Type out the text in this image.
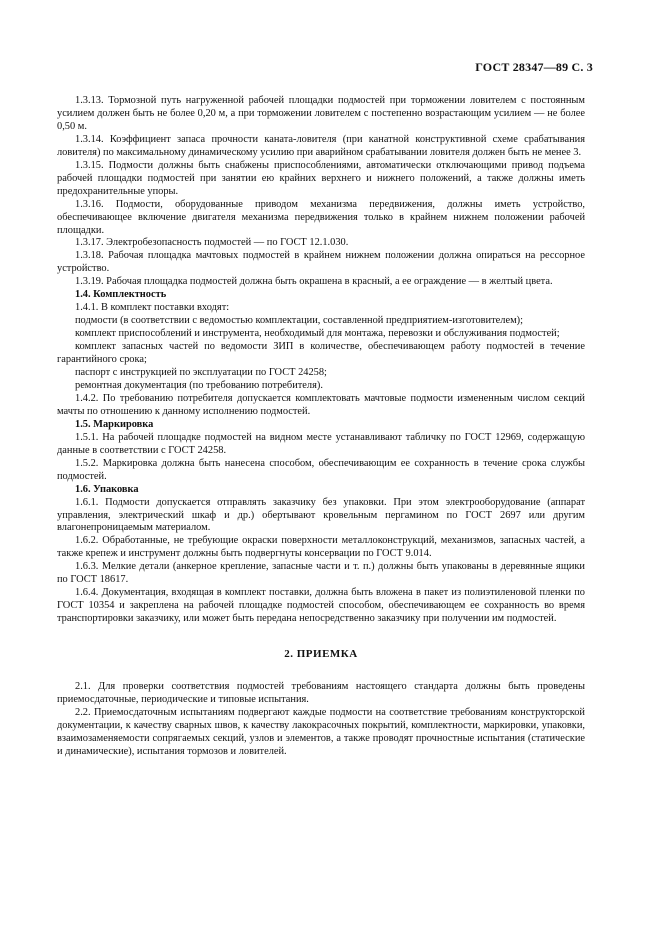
ГОСТ 28347—89 С. 3

1.3.13. Тормозной путь нагруженной рабочей площадки подмостей при торможении ловителем с постоянным усилием должен быть не более 0,20 м, а при торможении ловителем с постепенно возрастающим усилием — не более 0,50 м.

1.3.14. Коэффициент запаса прочности каната-ловителя (при канатной конструктивной схеме срабатывания ловителя) по максимальному динамическому усилию при аварийном срабатывании ловителя должен быть не менее 3.

1.3.15. Подмости должны быть снабжены приспособлениями, автоматически отключающими привод подъема рабочей площадки подмостей при занятии ею крайних верхнего и нижнего положений, а также должны иметь предохранительные упоры.

1.3.16. Подмости, оборудованные приводом механизма передвижения, должны иметь устройство, обеспечивающее включение двигателя механизма передвижения только в крайнем нижнем положении рабочей площадки.

1.3.17. Электробезопасность подмостей — по ГОСТ 12.1.030.

1.3.18. Рабочая площадка мачтовых подмостей в крайнем нижнем положении должна опираться на рессорное устройство.

1.3.19. Рабочая площадка подмостей должна быть окрашена в красный, а ее ограждение — в желтый цвета.

1.4. Комплектность

1.4.1. В комплект поставки входят:

подмости (в соответствии с ведомостью комплектации, составленной предприятием-изготовителем);

комплект приспособлений и инструмента, необходимый для монтажа, перевозки и обслуживания подмостей;

комплект запасных частей по ведомости ЗИП в количестве, обеспечивающем работу подмостей в течение гарантийного срока;

паспорт с инструкцией по эксплуатации по ГОСТ 24258;

ремонтная документация (по требованию потребителя).

1.4.2. По требованию потребителя допускается комплектовать мачтовые подмости измененным числом секций мачты по отношению к данному исполнению подмостей.

1.5. Маркировка

1.5.1. На рабочей площадке подмостей на видном месте устанавливают табличку по ГОСТ 12969, содержащую данные в соответствии с ГОСТ 24258.

1.5.2. Маркировка должна быть нанесена способом, обеспечивающим ее сохранность в течение срока службы подмостей.

1.6. Упаковка

1.6.1. Подмости допускается отправлять заказчику без упаковки. При этом электрооборудование (аппарат управления, электрический шкаф и др.) обертывают кровельным пергамином по ГОСТ 2697 или другим влагонепроницаемым материалом.

1.6.2. Обработанные, не требующие окраски поверхности металлоконструкций, механизмов, запасных частей, а также крепеж и инструмент должны быть подвергнуты консервации по ГОСТ 9.014.

1.6.3. Мелкие детали (анкерное крепление, запасные части и т. п.) должны быть упакованы в деревянные ящики по ГОСТ 18617.

1.6.4. Документация, входящая в комплект поставки, должна быть вложена в пакет из полиэтиленовой пленки по ГОСТ 10354 и закреплена на рабочей площадке подмостей способом, обеспечивающем ее сохранность во время транспортировки заказчику, или может быть передана непосредственно заказчику при получении им подмостей.

2. ПРИЕМКА

2.1. Для проверки соответствия подмостей требованиям настоящего стандарта должны быть проведены приемосдаточные, периодические и типовые испытания.

2.2. Приемосдаточным испытаниям подвергают каждые подмости на соответствие требованиям конструкторской документации, к качеству сварных швов, к качеству лакокрасочных покрытий, комплектности, маркировки, упаковки, взаимозаменяемости сопрягаемых секций, узлов и элементов, а также проводят прочностные испытания (статические и динамические), испытания тормозов и ловителей.
